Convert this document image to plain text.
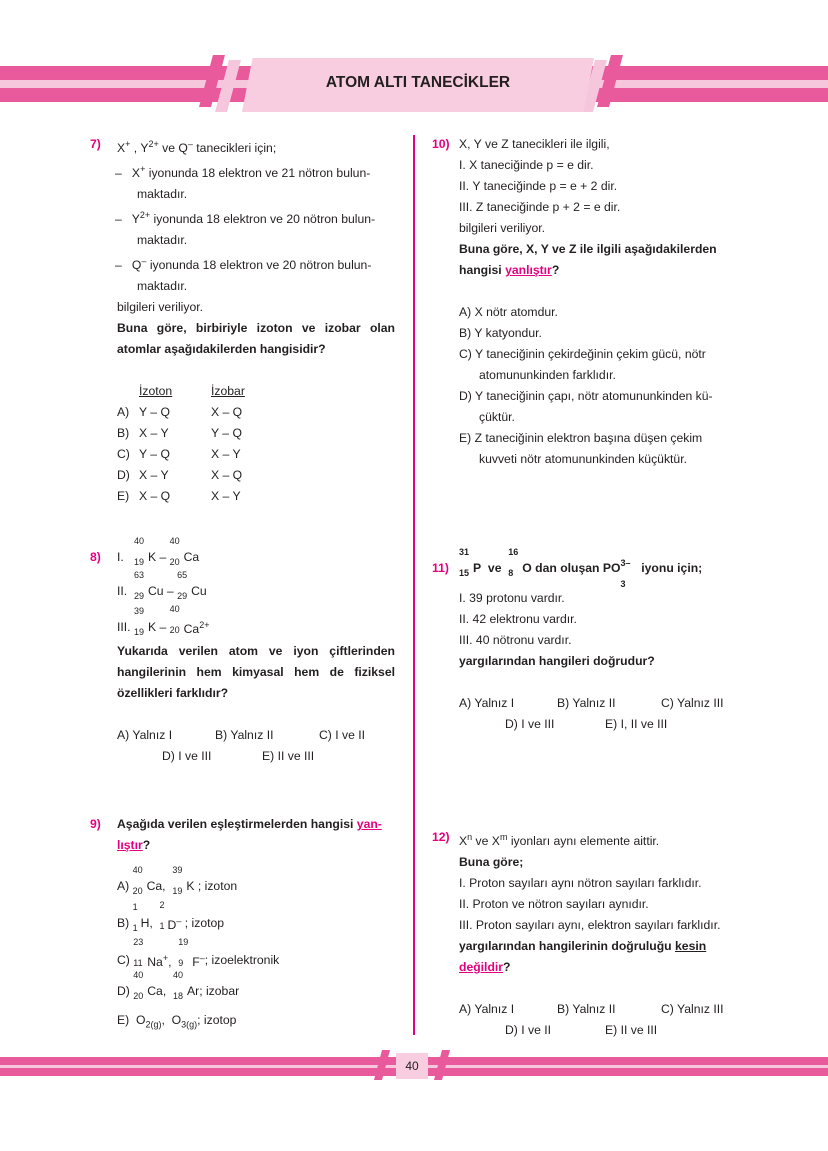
ATOM ALTI TANECİKLER
7) X+ , $Y^{2+}$ ve Q– tanecikleri için;
–   X+ iyonunda 18 elektron ve 21 nötron bulun-
maktadır.
–   $Y^{2+}$ iyonunda 18 elektron ve 20 nötron bulun-
maktadır.
–   Q– iyonunda 18 elektron ve 20 nötron bulun-
maktadır.
bilgileri veriliyor.
Buna göre, birbiriyle izoton ve izobar olan atomlar aşağıdakilerden hangisidir?
İzoton	İzobar
A) Y – Q	X – Q
B) X – Y	Y – Q
C) Y – Q	X – Y
D) X – Y	X – Q
E) X – Q	X – Y
8) I.
40
19 K –
40
20 Ca
II.
63
29 Cu –
65
29 Cu
III.
39
19 K –
40
20 $Ca^{2+}$
Yukarıda verilen atom ve iyon çiftlerinden hangilerinin hem kimyasal hem de fiziksel özellikleri farklıdır?
A) Yalnız I	B) Yalnız II	C) I ve II
D) I ve III	E) II ve III
9) Aşağıda verilen eşleştirmelerden hangisi yan-
lıştır?
A)
40
20 Ca,
39
19 K ; izoton
B)
1
1 H,
2
1 D– ; izotop
C)
23
11 Na+,
19
9 F–; izoelektronik
D)
40
20 Ca,
40
18 Ar; izobar
E)  $O_{2(g)}$,  $O_{3(g)}$; izotop
10) X, Y ve Z tanecikleri ile ilgili,
I. X taneciğinde p = e dir.
II. Y taneciğinde p = e + 2 dir.
III. Z taneciğinde p + 2 = e dir.
bilgileri veriliyor.
Buna göre, X, Y ve Z ile ilgili aşağıdakilerden
hangisi yanlıştır?
A) X nötr atomdur.
B) Y katyondur.
C) Y taneciğinin çekirdeğinin çekim gücü, nötr
atomununkinden farklıdır.
D) Y taneciğinin çapı, nötr atomununkinden kü-
çüktür.
E) Z taneciğinin elektron başına düşen çekim
kuvveti nötr atomununkinden küçüktür.
11)
31
15 P ve
16
8 O dan oluşan PO 3–
3
iyonu için;
I. 39 protonu vardır.
II. 42 elektronu vardır.
III. 40 nötronu vardır.
yargılarından hangileri doğrudur?
A) Yalnız I	B) Yalnız II	C) Yalnız III
D) I ve III	E) I, II ve III
12) $X^n$ ve $X^m$ iyonları aynı elemente aittir.
Buna göre;
I. Proton sayıları aynı nötron sayıları farklıdır.
II. Proton ve nötron sayıları aynıdır.
III. Proton sayıları aynı, elektron sayıları farklıdır.
yargılarından hangilerinin doğruluğu kesin
değildir?
A) Yalnız I	B) Yalnız II	C) Yalnız III
D) I ve II	E) II ve III
40
